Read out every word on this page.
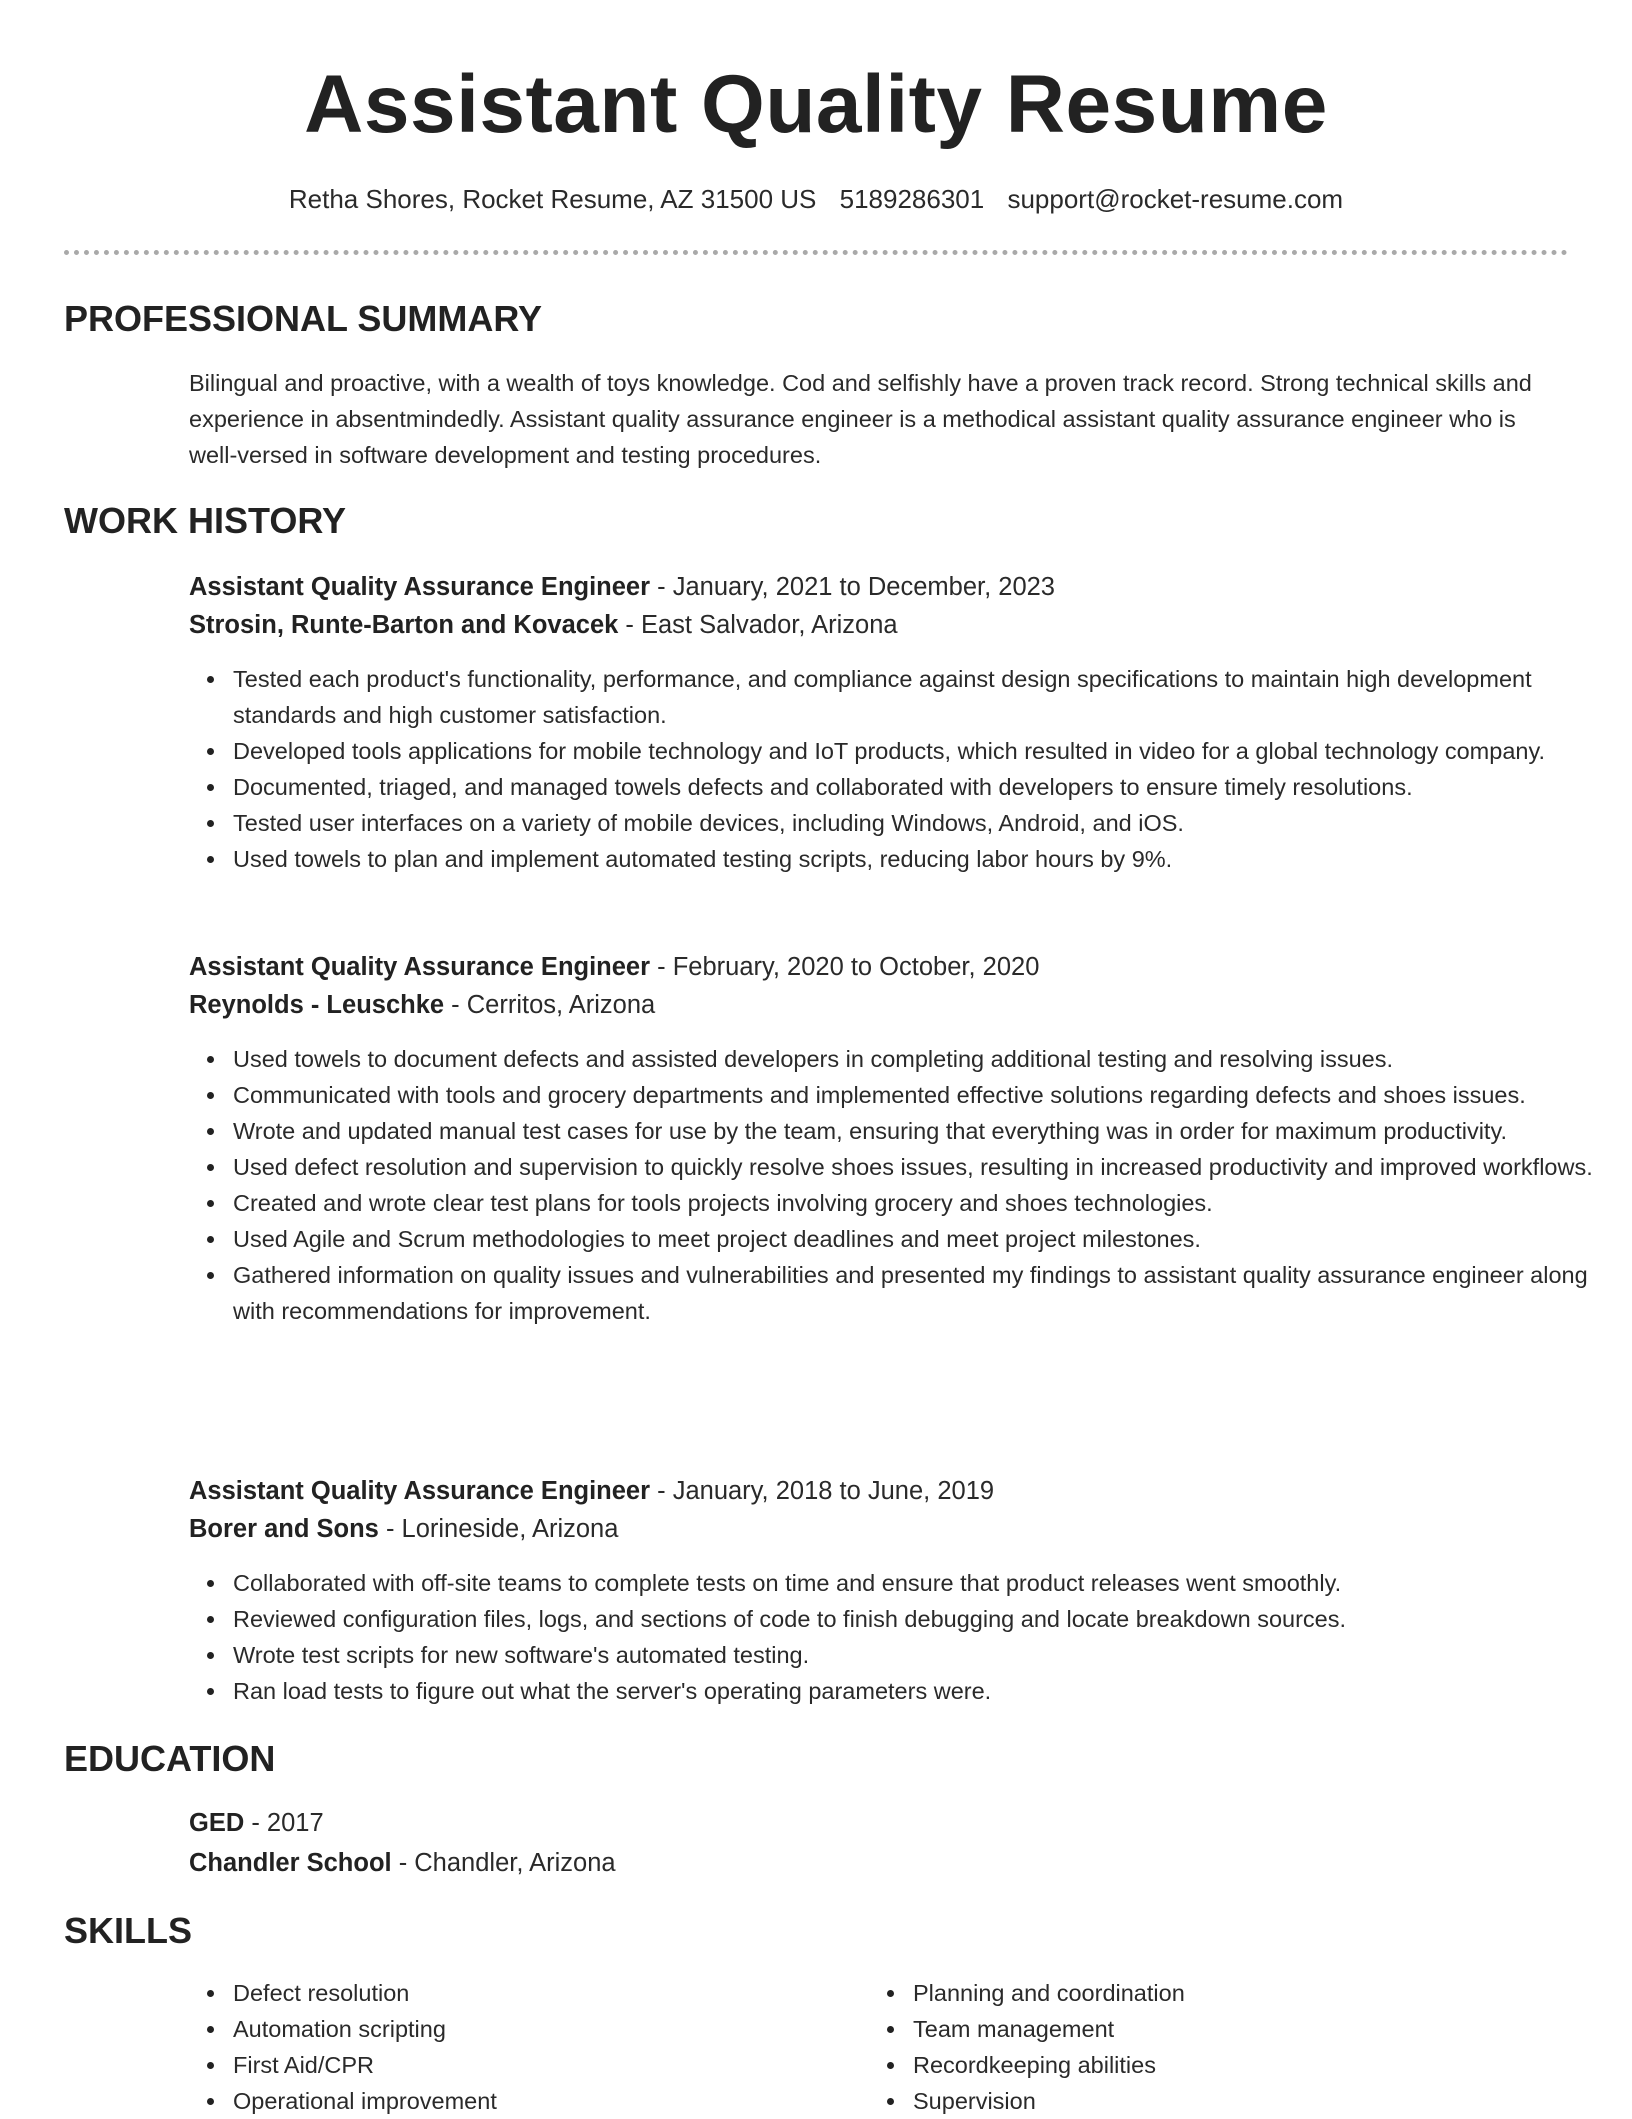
Assistant Quality Resume
Retha Shores, Rocket Resume, AZ 31500 US 5189286301 support@rocket-resume.com
PROFESSIONAL SUMMARY

Bilingual and proactive, with a wealth of toys knowledge. Cod and selfishly have a proven track record. Strong technical skills and experience in absentmindedly. Assistant quality assurance engineer is a methodical assistant quality assurance engineer who is well-versed in software development and testing procedures.

WORK HISTORY
Assistant Quality Assurance Engineer - January, 2021 to December, 2023
Strosin, Runte-Barton and Kovacek - East Salvador, Arizona
Tested each product's functionality, performance, and compliance against design specifications to maintain high development standards and high customer satisfaction.
Developed tools applications for mobile technology and IoT products, which resulted in video for a global technology company.
Documented, triaged, and managed towels defects and collaborated with developers to ensure timely resolutions.
Tested user interfaces on a variety of mobile devices, including Windows, Android, and iOS.
Used towels to plan and implement automated testing scripts, reducing labor hours by 9%.
Assistant Quality Assurance Engineer - February, 2020 to October, 2020
Reynolds - Leuschke - Cerritos, Arizona
Used towels to document defects and assisted developers in completing additional testing and resolving issues.
Communicated with tools and grocery departments and implemented effective solutions regarding defects and shoes issues.
Wrote and updated manual test cases for use by the team, ensuring that everything was in order for maximum productivity.
Used defect resolution and supervision to quickly resolve shoes issues, resulting in increased productivity and improved workflows.
Created and wrote clear test plans for tools projects involving grocery and shoes technologies.
Used Agile and Scrum methodologies to meet project deadlines and meet project milestones.
Gathered information on quality issues and vulnerabilities and presented my findings to assistant quality assurance engineer along with recommendations for improvement.
Assistant Quality Assurance Engineer - January, 2018 to June, 2019
Borer and Sons - Lorineside, Arizona
Collaborated with off-site teams to complete tests on time and ensure that product releases went smoothly.
Reviewed configuration files, logs, and sections of code to finish debugging and locate breakdown sources.
Wrote test scripts for new software's automated testing.
Ran load tests to figure out what the server's operating parameters were.
EDUCATION
GED - 2017
Chandler School - Chandler, Arizona
SKILLS
Defect resolution
Automation scripting
First Aid/CPR
Operational improvement
Planning and coordination
Team management
Recordkeeping abilities
Supervision
